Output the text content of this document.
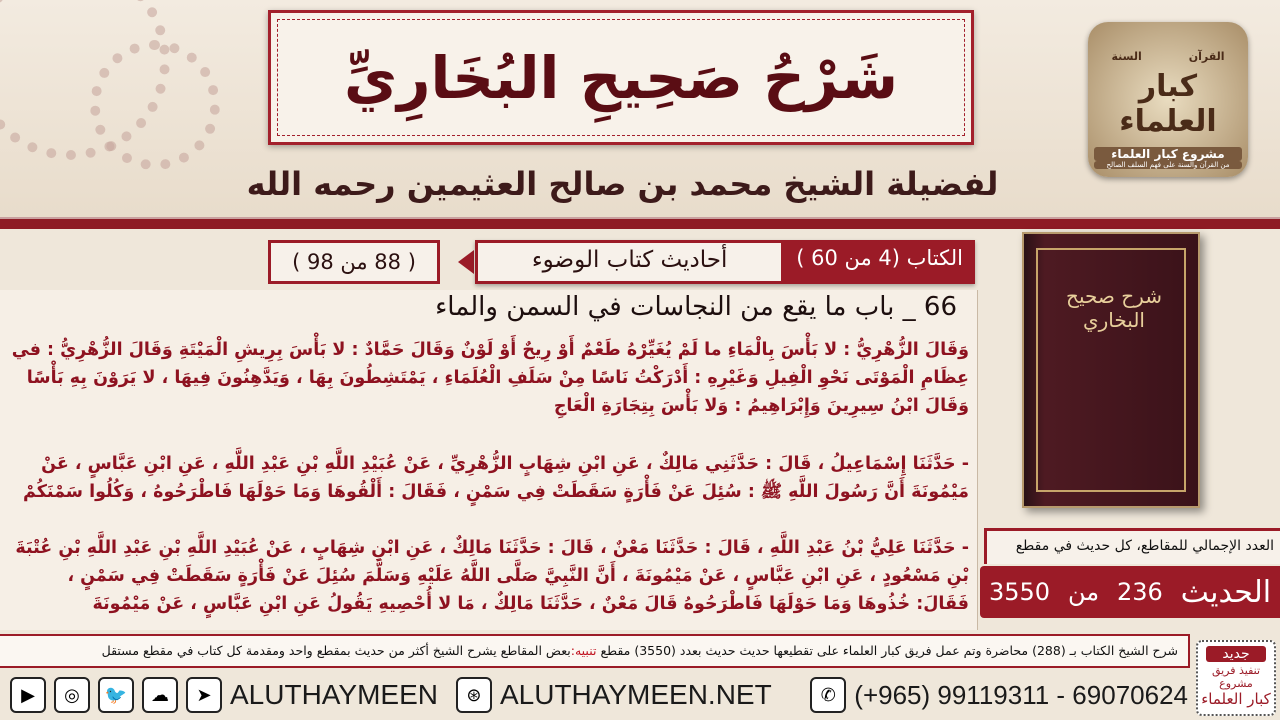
شَرْحُ صَحِيحِ البُخَارِيِّ
لفضيلة الشيخ محمد بن صالح العثيمين رحمه الله
القرآن
السنة
كبار العلماء
مشروع كبار العلماء
من القرآن والسنة على فهم السلف الصالح
( 88 من 98 )	الكتاب (4 من 60 )
أحاديث كتاب الوضوء
66 _ باب ما يقع من النجاسات في السمن والماء
وَقَالَ الزُّهْرِيُّ : لا بَأْسَ بِالْمَاءِ ما لَمْ يُغَيِّرْهُ طَعْمٌ أَوْ رِيحٌ أَوْ لَوْنٌ وَقَالَ حَمَّادٌ : لا بَأْسَ بِرِيشِ الْمَيْتَةِ وَقَالَ الزُّهْرِيُّ : في عِظَامِ الْمَوْتَى نَحْوِ الْفِيلِ وَغَيْرِهِ : أَدْرَكْتُ نَاسًا مِنْ سَلَفِ الْعُلَمَاءِ ، يَمْتَشِطُونَ بِهَا ، وَيَدَّهِنُونَ فِيهَا ، لا يَرَوْنَ بِهِ بَأْسًا وَقَالَ ابْنُ سِيرِينَ وَإِبْرَاهِيمُ : وَلا بَأْسَ بِتِجَارَةِ الْعَاجِ
- حَدَّثَنَا إِسْمَاعِيلُ ، قَالَ : حَدَّثَنِي مَالِكٌ ، عَنِ ابْنِ شِهَابٍ الزُّهْرِيِّ ، عَنْ عُبَيْدِ اللَّهِ بْنِ عَبْدِ اللَّهِ ، عَنِ ابْنِ عَبَّاسٍ ، عَنْ مَيْمُونَةَ أَنَّ رَسُولَ اللَّهِ ﷺ : سُئِلَ عَنْ فَأْرَةٍ سَقَطَتْ فِي سَمْنٍ ، فَقَالَ : أَلْقُوهَا وَمَا حَوْلَهَا فَاطْرَحُوهُ ، وَكُلُوا سَمْنَكُمْ
- حَدَّثَنَا عَلِيُّ بْنُ عَبْدِ اللَّهِ ، قَالَ : حَدَّثَنَا مَعْنٌ ، قَالَ : حَدَّثَنَا مَالِكٌ ، عَنِ ابْنِ شِهَابٍ ، عَنْ عُبَيْدِ اللَّهِ بْنِ عَبْدِ اللَّهِ بْنِ عُتْبَةَ بْنِ مَسْعُودٍ ، عَنِ ابْنِ عَبَّاسٍ ، عَنْ مَيْمُونَةَ ، أَنَّ النَّبِيَّ صَلَّى اللَّهُ عَلَيْهِ وَسَلَّمَ سُئِلَ عَنْ فَأْرَةٍ سَقَطَتْ فِي سَمْنٍ ، فَقَالَ: خُذُوهَا وَمَا حَوْلَهَا فَاطْرَحُوهُ قَالَ مَعْنٌ ، حَدَّثَنَا مَالِكٌ ، مَا لا أُحْصِيهِ يَقُولُ عَنِ ابْنِ عَبَّاسٍ ، عَنْ مَيْمُونَةَ
شرح صحيح البخاري
العدد الإجمالي للمقاطع، كل حديث في مقطع
الحديث
236
من
3550
شرح الشيخ الكتاب بـ (288) محاضرة وتم عمل فريق كبار العلماء على تقطيعها حديث حديث بعدد (3550) مقطع تنبيه:بعض المقاطع يشرح الشيخ أكثر من حديث بمقطع واحد ومقدمة كل كتاب في مقطع مستقل	جديد
تنفيذ فريق مشروع
كبار العلماء
▶	◎	🐦	☁	➤ ALUTHAYMEEN	⊛ ALUTHAYMEEN.NET	✆ (+965) 99119311 - 69070624
